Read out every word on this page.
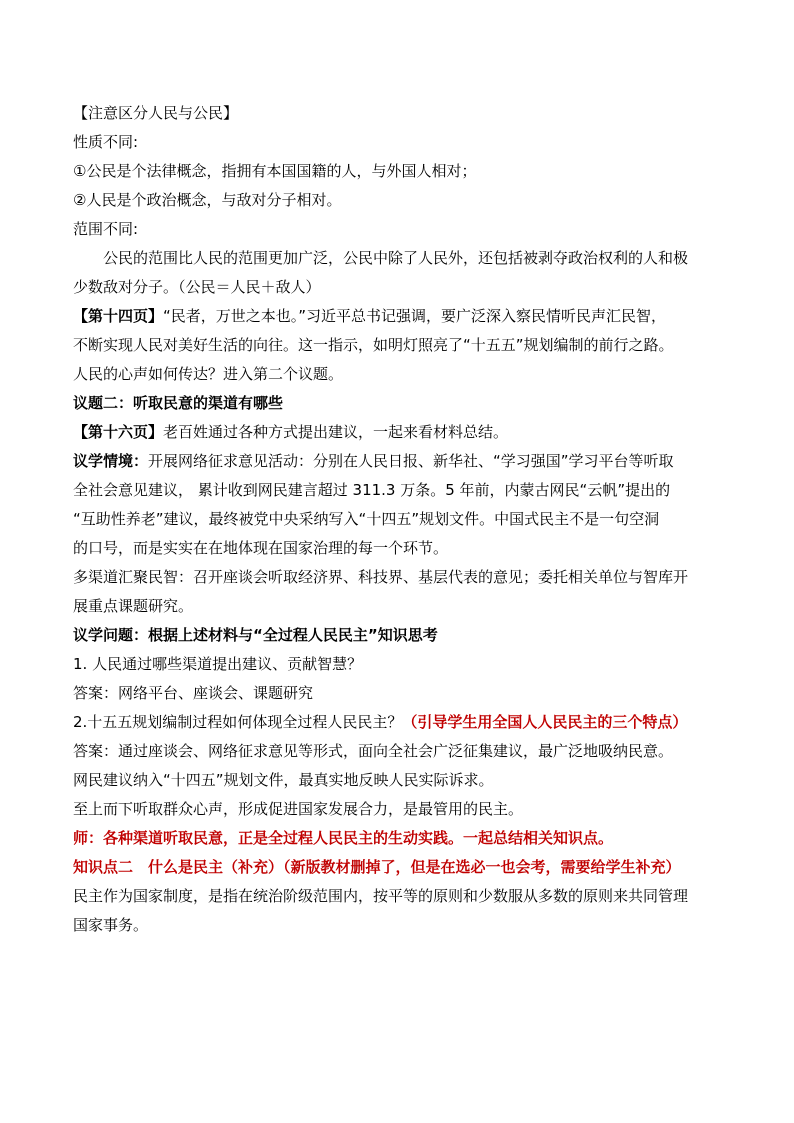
【注意区分人民与公民】
性质不同:
①公民是个法律概念，指拥有本国国籍的人，与外国人相对；
②人民是个政治概念，与敌对分子相对。
范围不同:
公民的范围比人民的范围更加广泛，公民中除了人民外，还包括被剥夺政治权利的人和极
少数敌对分子。（公民＝人民＋敌人）
【第十四页】“民者，万世之本也。”习近平总书记强调，要广泛深入察民情听民声汇民智，
不断实现人民对美好生活的向往。这一指示，如明灯照亮了“十五五”规划编制的前行之路。
人民的心声如何传达？进入第二个议题。
议题二：听取民意的渠道有哪些
【第十六页】老百姓通过各种方式提出建议，一起来看材料总结。
议学情境：开展网络征求意见活动：分别在人民日报、新华社、“学习强国”学习平台等听取
全社会意见建议， 累计收到网民建言超过 311.3 万条。5 年前，内蒙古网民“云帆”提出的
“互助性养老”建议，最终被党中央采纳写入“十四五”规划文件。中国式民主不是一句空洞
的口号，而是实实在在地体现在国家治理的每一个环节。
多渠道汇聚民智：召开座谈会听取经济界、科技界、基层代表的意见；委托相关单位与智库开
展重点课题研究。
议学问题：根据上述材料与“全过程人民民主”知识思考
1. 人民通过哪些渠道提出建议、贡献智慧？
答案：网络平台、座谈会、课题研究
2.十五五规划编制过程如何体现全过程人民民主？（引导学生用全国人人民民主的三个特点）
答案：通过座谈会、网络征求意见等形式，面向全社会广泛征集建议，最广泛地吸纳民意。
网民建议纳入“十四五”规划文件，最真实地反映人民实际诉求。
至上而下听取群众心声，形成促进国家发展合力，是最管用的民主。
师：各种渠道听取民意，正是全过程人民民主的生动实践。一起总结相关知识点。
知识点二　什么是民主（补充）（新版教材删掉了，但是在选必一也会考，需要给学生补充）
民主作为国家制度，是指在统治阶级范围内，按平等的原则和少数服从多数的原则来共同管理
国家事务。
